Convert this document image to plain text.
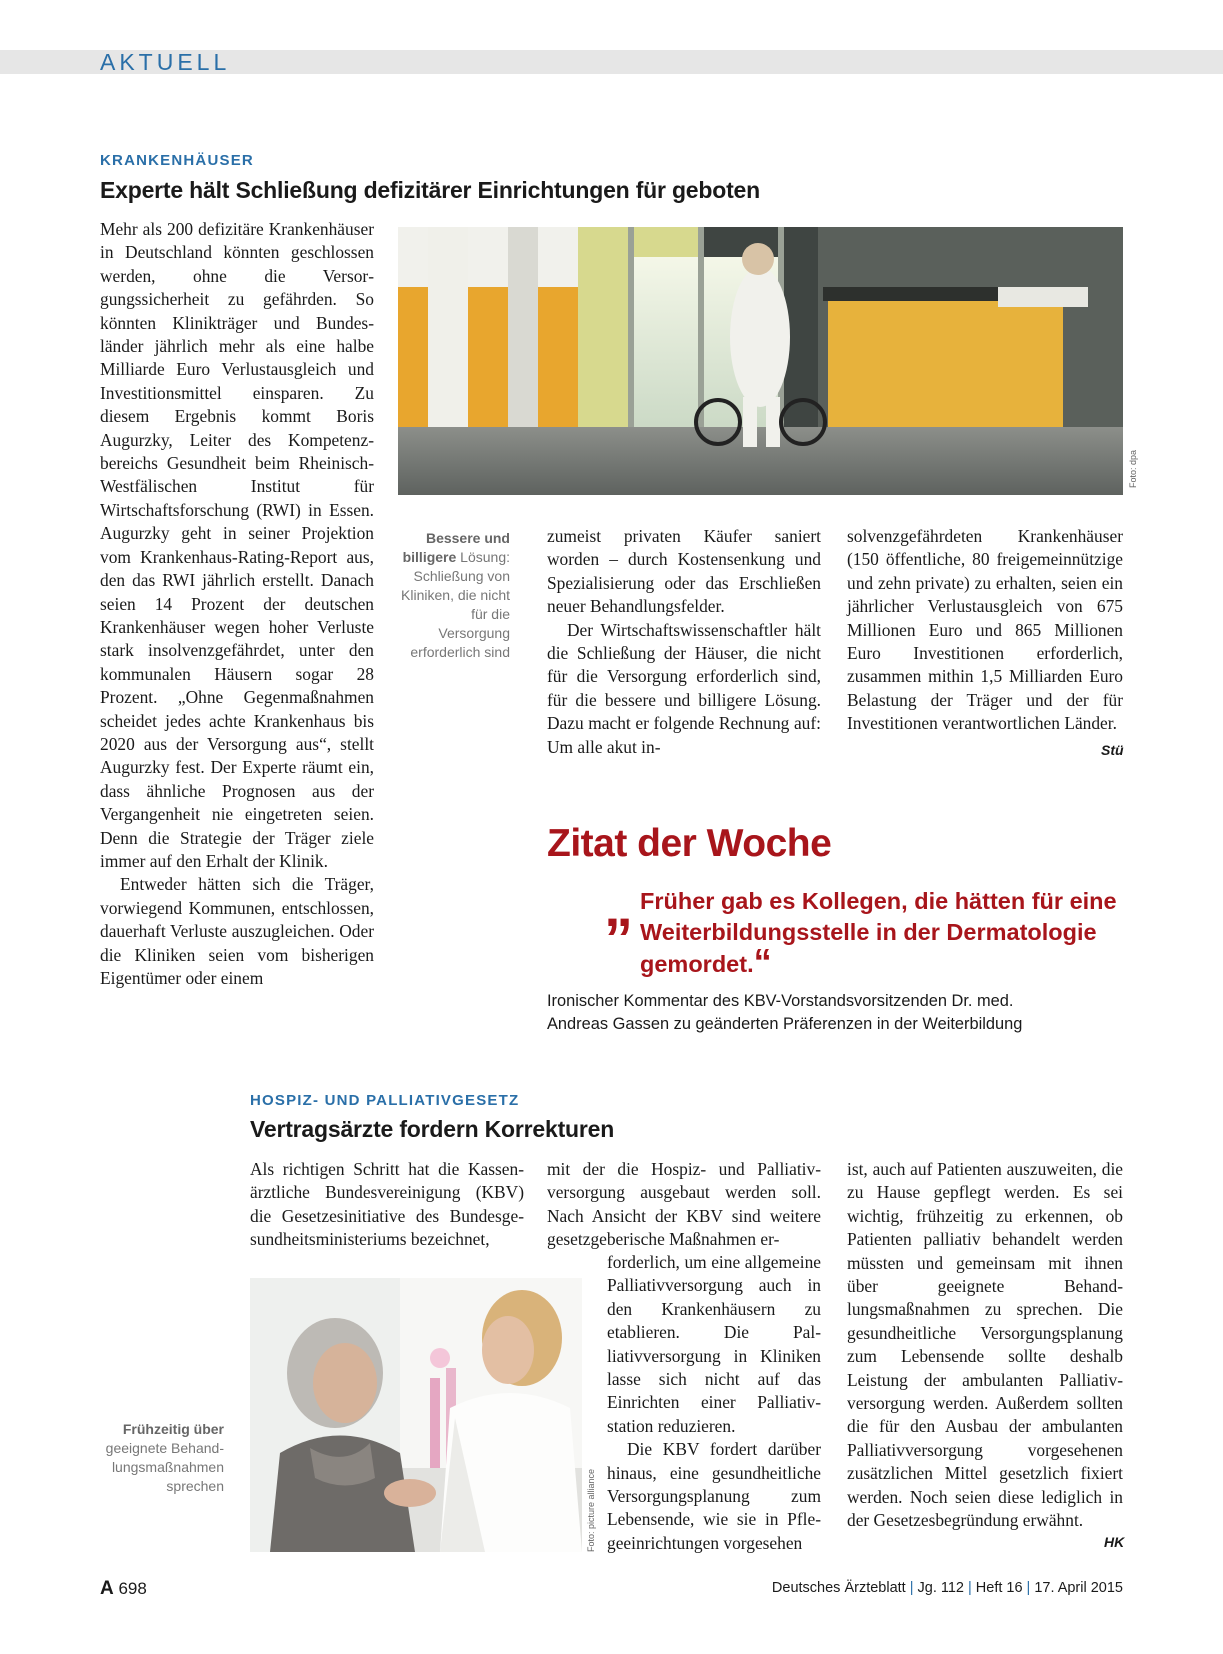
AKTUELL
KRANKENHÄUSER
Experte hält Schließung defizitärer Einrichtungen für geboten

Mehr als 200 defizitäre Krankenhäuser in Deutschland könnten geschlossen werden, ohne die Versorgungssicherheit zu gefährden. So könnten Klinikträger und Bundesländer jährlich mehr als eine halbe Milliarde Euro Verlustausgleich und Investitionsmittel einsparen. Zu diesem Ergebnis kommt Boris Augurzky, Leiter des Kompetenzbereichs Gesundheit beim Rheinisch-Westfälischen Institut für Wirtschaftsforschung (RWI) in Essen. Augurzky geht in seiner Projektion vom Krankenhaus-Rating-Report aus, den das RWI jährlich erstellt. Danach seien 14 Prozent der deutschen Krankenhäuser wegen hoher Verluste stark insolvenzgefährdet, unter den kommunalen Häusern sogar 28 Prozent. „Ohne Gegenmaßnahmen scheidet jedes achte Krankenhaus bis 2020 aus der Versorgung aus“, stellt Augurzky fest. Der Experte räumt ein, dass ähnliche Prognosen aus der Vergangenheit nie eingetreten seien. Denn die Strategie der Träger ziele immer auf den Erhalt der Klinik.

Entweder hätten sich die Träger, vorwiegend Kommunen, entschlossen, dauerhaft Verluste auszugleichen. Oder die Kliniken seien vom bisherigen Eigentümer oder einem

Foto: dpa
Bessere und billigere Lösung: Schließung von Kliniken, die nicht für die Versorgung erforderlich sind

zumeist privaten Käufer saniert worden – durch Kostensenkung und Spezialisierung oder das Erschließen neuer Behandlungsfelder.

Der Wirtschaftswissenschaftler hält die Schließung der Häuser, die nicht für die Versorgung erforderlich sind, für die bessere und billigere Lösung. Dazu macht er folgende Rechnung auf: Um alle akut in-

solvenzgefährdeten Krankenhäuser (150 öffentliche, 80 freigemeinnützige und zehn private) zu erhalten, seien ein jährlicher Verlustausgleich von 675 Millionen Euro und 865 Millionen Euro Investitionen erforderlich, zusammen mithin 1,5 Milliarden Euro Belastung der Träger und der für Investitionen verantwortlichen Länder.

Stü
Zitat der Woche
„ Früher gab es Kollegen, die hätten für eine Weiterbildungsstelle in der Dermatologie gemordet.“
Ironischer Kommentar des KBV-Vorstandsvorsitzenden Dr. med. Andreas Gassen zu geänderten Präferenzen in der Weiterbildung
HOSPIZ- UND PALLIATIVGESETZ
Vertragsärzte fordern Korrekturen

Als richtigen Schritt hat die Kassenärztliche Bundesvereinigung (KBV) die Gesetzesinitiative des Bundesgesundheitsministeriums bezeichnet,

Foto: picture alliance
Frühzeitig über geeignete Behandlungsmaßnahmen sprechen

mit der die Hospiz- und Palliativversorgung ausgebaut werden soll. Nach Ansicht der KBV sind weitere gesetzgeberische Maßnahmen er-

forderlich, um eine allgemeine Palliativversorgung auch in den Krankenhäusern zu etablieren. Die Palliativversorgung in Kliniken lasse sich nicht auf das Einrichten einer Palliativstation reduzieren.

Die KBV fordert darüber hinaus, eine gesundheitliche Versorgungsplanung zum Lebensende, wie sie in Pflegeeinrichtungen vorgesehen

ist, auch auf Patienten auszuweiten, die zu Hause gepflegt werden. Es sei wichtig, frühzeitig zu erkennen, ob Patienten palliativ behandelt werden müssten und gemeinsam mit ihnen über geeignete Behandlungsmaßnahmen zu sprechen. Die gesundheitliche Versorgungsplanung zum Lebensende sollte deshalb Leistung der ambulanten Palliativversorgung werden. Außerdem sollten die für den Ausbau der ambulanten Palliativversorgung vorgesehenen zusätzlichen Mittel gesetzlich fixiert werden. Noch seien diese lediglich in der Gesetzesbegründung erwähnt.

HK
A 698	Deutsches Ärzteblatt | Jg. 112 | Heft 16 | 17. April 2015
